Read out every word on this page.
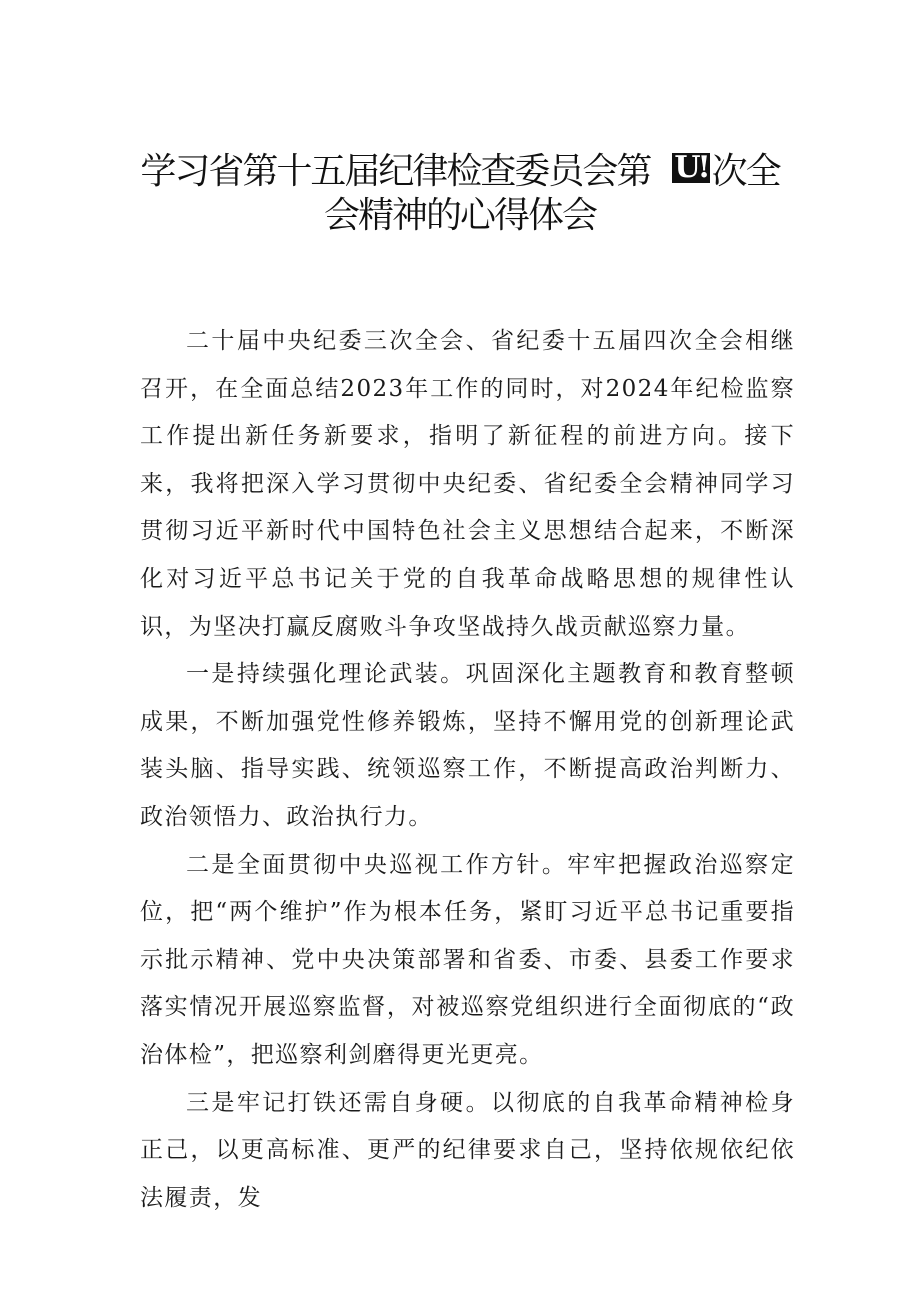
学习省第十五届纪律检查委员会第 U! 次全
会精神的心得体会

二十届中央纪委三次全会、省纪委十五届四次全会相继召开，在全面总结2023年工作的同时，对2024年纪检监察工作提出新任务新要求，指明了新征程的前进方向。接下来，我将把深入学习贯彻中央纪委、省纪委全会精神同学习贯彻习近平新时代中国特色社会主义思想结合起来，不断深化对习近平总书记关于党的自我革命战略思想的规律性认识，为坚决打赢反腐败斗争攻坚战持久战贡献巡察力量。

一是持续强化理论武装。巩固深化主题教育和教育整顿成果，不断加强党性修养锻炼，坚持不懈用党的创新理论武装头脑、指导实践、统领巡察工作，不断提高政治判断力、政治领悟力、政治执行力。

二是全面贯彻中央巡视工作方针。牢牢把握政治巡察定位，把“两个维护”作为根本任务，紧盯习近平总书记重要指示批示精神、党中央决策部署和省委、市委、县委工作要求落实情况开展巡察监督，对被巡察党组织进行全面彻底的“政治体检”，把巡察利剑磨得更光更亮。

三是牢记打铁还需自身硬。以彻底的自我革命精神检身正己，以更高标准、更严的纪律要求自己，坚持依规依纪依法履责，发
